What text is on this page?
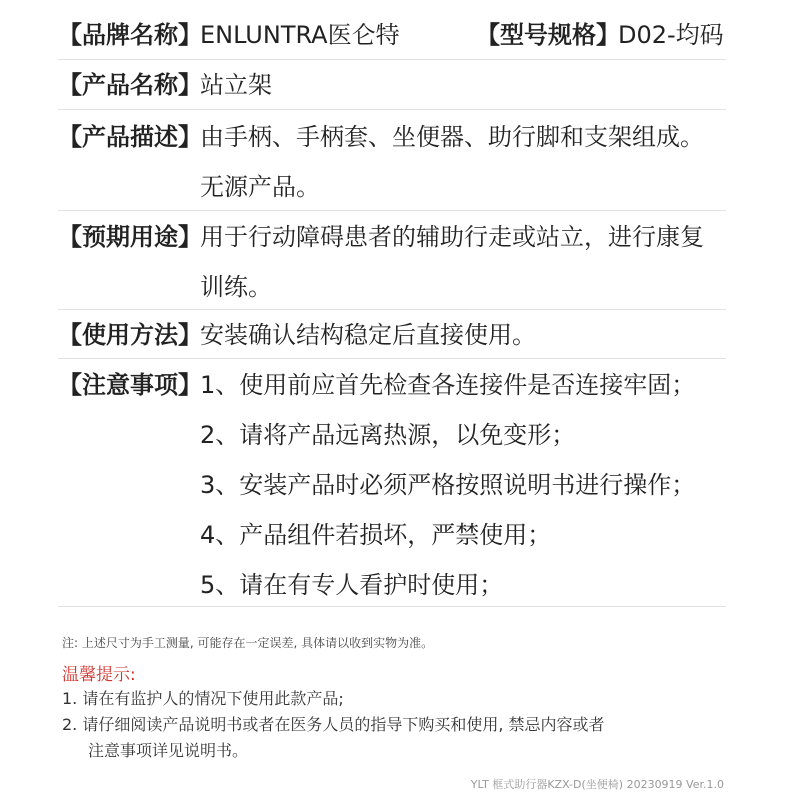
【品牌名称】
ENLUNTRA医仑特	【型号规格】
D02-均码
【产品名称】
站立架
【产品描述】
由手柄、手柄套、坐便器、助行脚和支架组成。
无源产品。
【预期用途】
用于行动障碍患者的辅助行走或站立，进行康复
训练。
【使用方法】
安装确认结构稳定后直接使用。
【注意事项】
1、使用前应首先检查各连接件是否连接牢固；
2、请将产品远离热源，以免变形；
3、安装产品时必须严格按照说明书进行操作；
4、产品组件若损坏，严禁使用；
5、请在有专人看护时使用；
注: 上述尺寸为手工测量, 可能存在一定误差, 具体请以收到实物为准。
温馨提示:
1. 请在有监护人的情况下使用此款产品;
2. 请仔细阅读产品说明书或者在医务人员的指导下购买和使用, 禁忌内容或者
注意事项详见说明书。
YLT 框式助行器KZX-D(坐便椅) 20230919 Ver.1.0
